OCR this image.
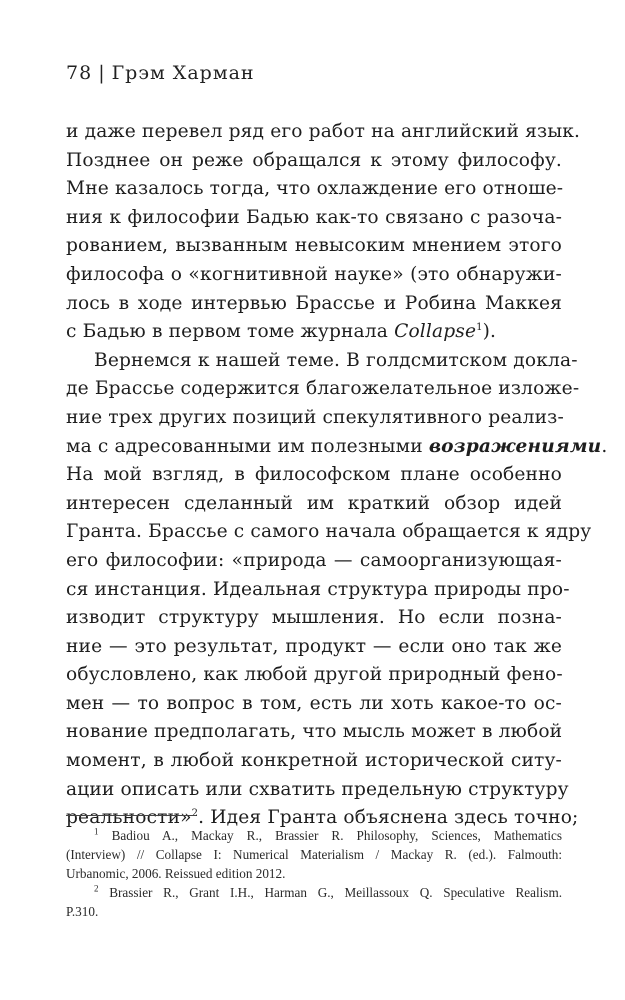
78 | Грэм Харман
и даже перевел ряд его работ на английский язык.
Позднее он реже обращался к этому философу.
Мне казалось тогда, что охлаждение его отноше-
ния к философии Бадью как-то связано с разоча-
рованием, вызванным невысоким мнением этого
философа о «когнитивной науке» (это обнаружи-
лось в ходе интервью Брассье и Робина Маккея
с Бадью в первом томе журнала Collapse$^1$).
Вернемся к нашей теме. В голдсмитском докла-
де Брассье содержится благожелательное изложе-
ние трех других позиций спекулятивного реализ-
ма с адресованными им полезными возражениями.
На мой взгляд, в философском плане особенно
интересен сделанный им краткий обзор идей
Гранта. Брассье с самого начала обращается к ядру
его философии: «природа — самоорганизующая-
ся инстанция. Идеальная структура природы про-
изводит структуру мышления. Но если позна-
ние — это результат, продукт — если оно так же
обусловлено, как любой другой природный фено-
мен — то вопрос в том, есть ли хоть какое-то ос-
нование предполагать, что мысль может в любой
момент, в любой конкретной исторической ситу-
ации описать или схватить предельную структуру
реальности»$^2$. Идея Гранта объяснена здесь точно;
$^1$ Badiou A., Mackay R., Brassier R. Philosophy, Sciences, Mathematics
(Interview) // Collapse I: Numerical Materialism / Mackay R. (ed.). Falmouth:
Urbanomic, 2006. Reissued edition 2012.
$^2$ Brassier R., Grant I.H., Harman G., Meillassoux Q. Speculative Realism.
P.310.
